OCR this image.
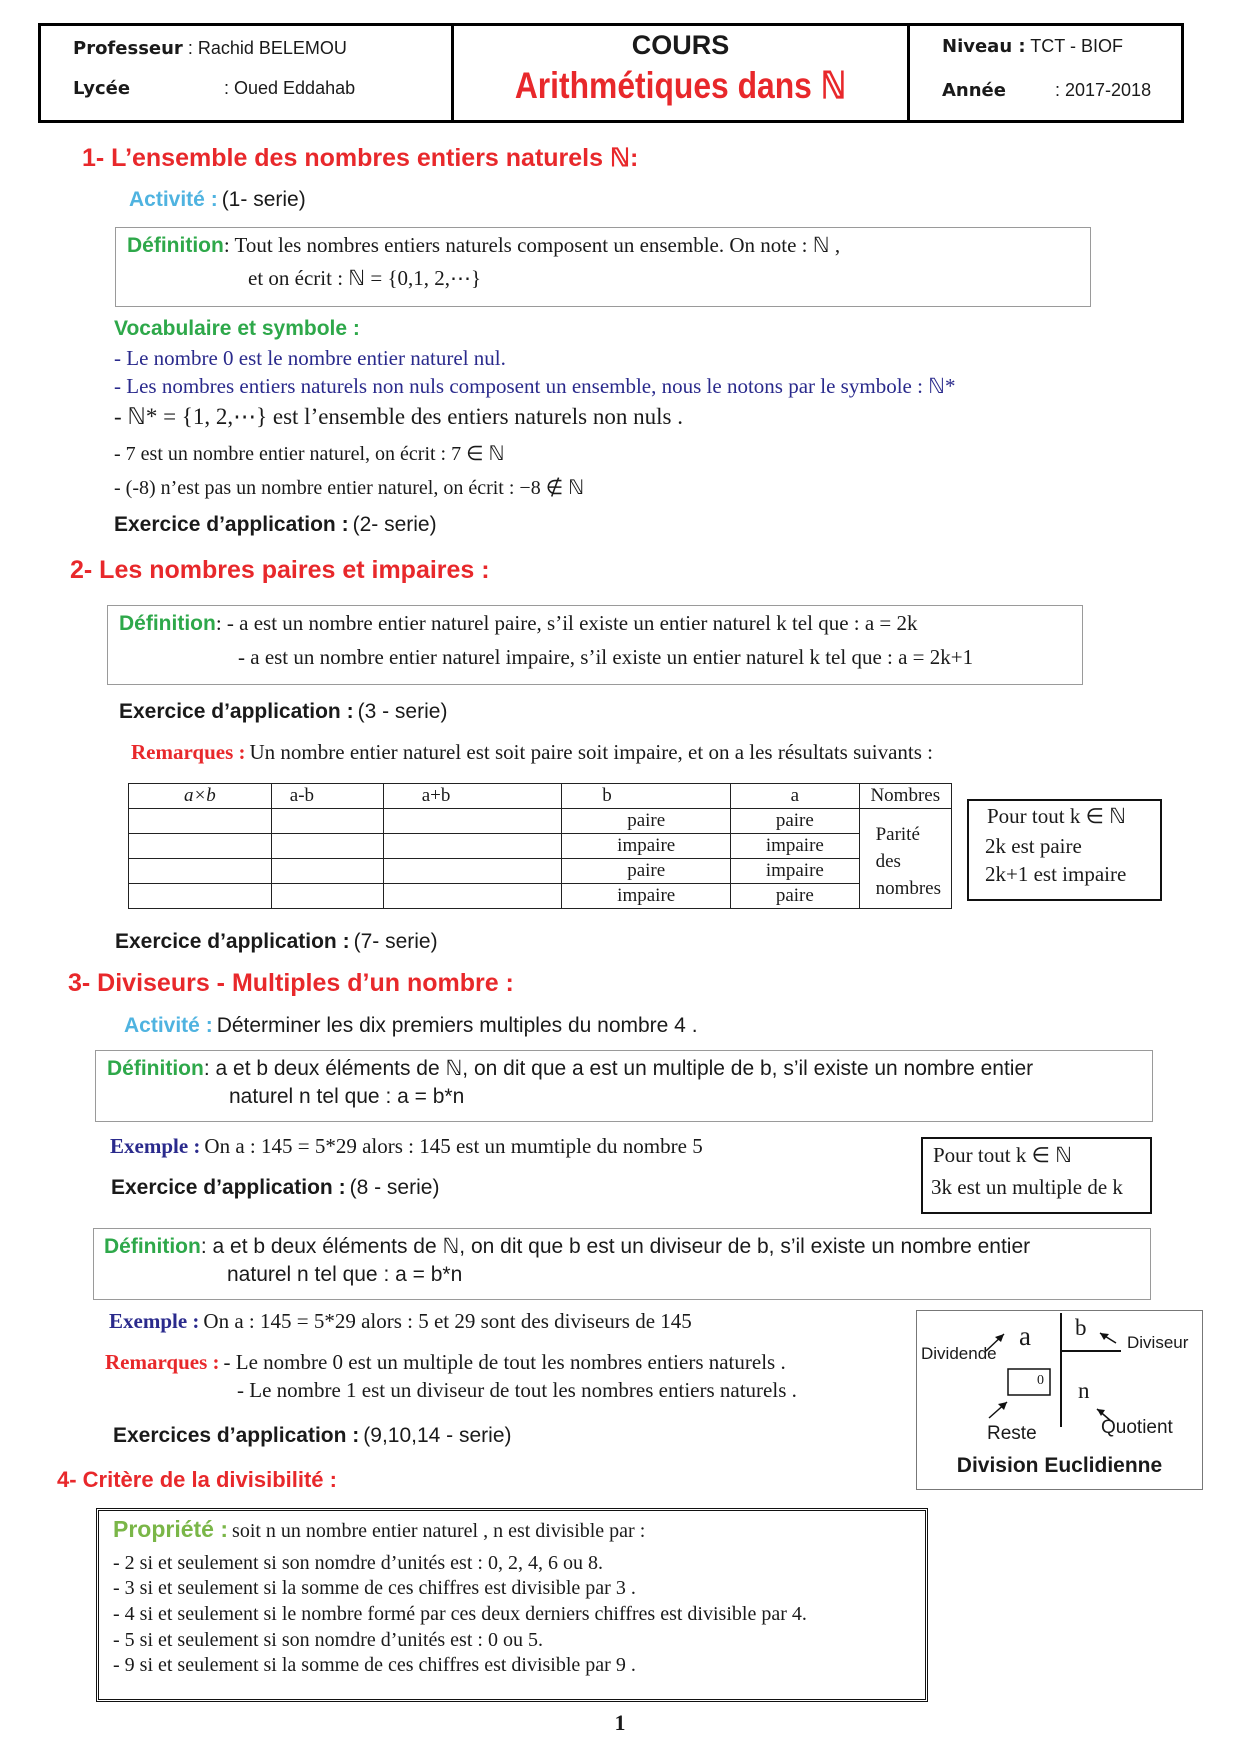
Professeur : Rachid BELEMOU
Lycée	: Oued Eddahab
COURS
Arithmétiques dans ℕ
Niveau : TCT - BIOF
Année	: 2017-2018
1- L’ensemble des nombres entiers naturels ℕ:
Activité : (1- serie)
Définition: Tout les nombres entiers naturels composent un ensemble. On note : ℕ ,
et on écrit : ℕ = {0,1, 2,⋯}
Vocabulaire et symbole :
- Le nombre 0 est le nombre entier naturel nul.
- Les nombres entiers naturels non nuls composent un ensemble, nous le notons par le symbole : ℕ*
- ℕ* = {1, 2,⋯} est l’ensemble des entiers naturels non nuls .
- 7 est un nombre entier naturel, on écrit : 7 ∈ ℕ
- (-8) n’est pas un nombre entier naturel, on écrit : −8 ∉ ℕ
Exercice d’application : (2- serie)
2- Les nombres paires et impaires :
Définition: - a est un nombre entier naturel paire, s’il existe un entier naturel k tel que : a = 2k
- a est un nombre entier naturel impaire, s’il existe un entier naturel k tel que : a = 2k+1
Exercice d’application : (3 - serie)
Remarques : Un nombre entier naturel est soit paire soit impaire, et on a les résultats suivants :
a×b	a-b	a+b	b	a	Nombres
			paire	paire	Parité des nombres
			impaire	impaire	
			paire	impaire	
			impaire	paire	
Pour tout k ∈ ℕ
2k est paire
2k+1 est impaire
Exercice d’application : (7- serie)
3- Diviseurs - Multiples d’un nombre :
Activité : Déterminer les dix premiers multiples du nombre 4 .
Définition: a et b deux éléments de ℕ, on dit que a est un multiple de b, s’il existe un nombre entier
naturel n tel que : a = b*n
Exemple : On a : 145 = 5*29 alors : 145 est un mumtiple du nombre 5
Exercice d’application : (8 - serie)
Pour tout k ∈ ℕ
3k est un multiple de k
Définition: a et b deux éléments de ℕ, on dit que b est un diviseur de b, s’il existe un nombre entier
naturel n tel que : a = b*n
Exemple : On a : 145 = 5*29 alors : 5 et 29 sont des diviseurs de 145
Remarques : - Le nombre 0 est un multiple de tout les nombres entiers naturels .
- Le nombre 1 est un diviseur de tout les nombres entiers naturels .
Exercices d’application : (9,10,14 - serie)
Dividende
a b
Diviseur
0 n
Reste	Quotient
Division Euclidienne
4- Critère de la divisibilité :
Propriété : soit n un nombre entier naturel , n est divisible par :
- 2 si et seulement si son nomdre d’unités est : 0, 2, 4, 6 ou 8.
- 3 si et seulement si la somme de ces chiffres est divisible par 3 .
- 4 si et seulement si le nombre formé par ces deux derniers chiffres est divisible par 4.
- 5 si et seulement si son nomdre d’unités est : 0 ou 5.
- 9 si et seulement si la somme de ces chiffres est divisible par 9 .
1
